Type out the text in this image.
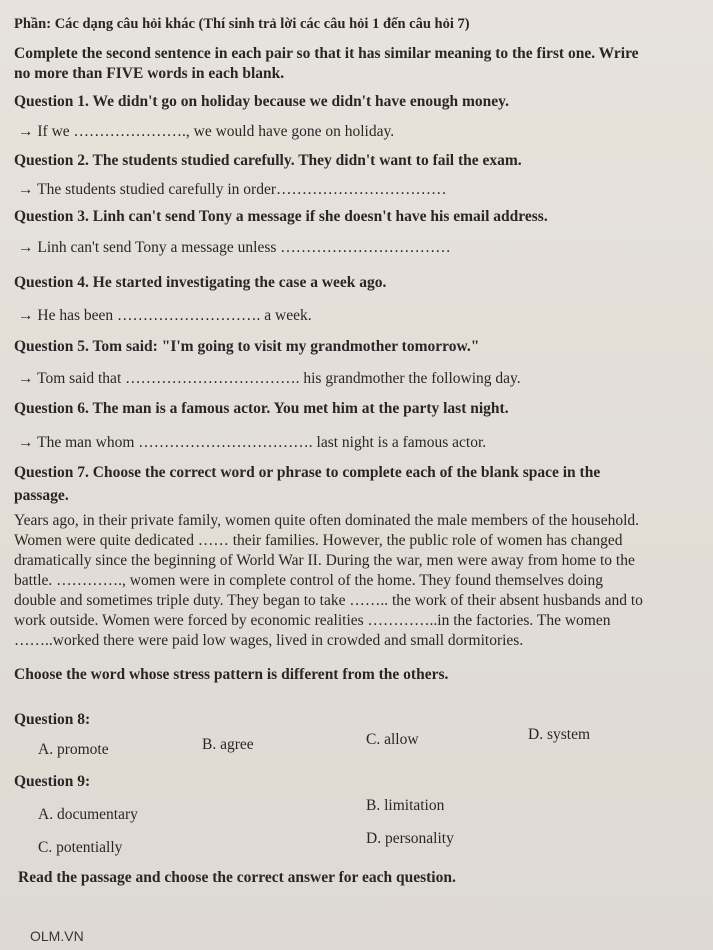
Phần: Các dạng câu hỏi khác (Thí sinh trả lời các câu hỏi 1 đến câu hỏi 7)
Complete the second sentence in each pair so that it has similar meaning to the first one. Wrire
no more than FIVE words in each blank.
Question 1. We didn't go on holiday because we didn't have enough money.
→ If we …………………., we would have gone on holiday.
Question 2. The students studied carefully. They didn't want to fail the exam.
→ The students studied carefully in order……………………………
Question 3. Linh can't send Tony a message if she doesn't have his email address.
→ Linh can't send Tony a message unless ……………………………
Question 4. He started investigating the case a week ago.
→ He has been ………………………. a week.
Question 5. Tom said: "I'm going to visit my grandmother tomorrow."
→ Tom said that ……………………………. his grandmother the following day.
Question 6. The man is a famous actor. You met him at the party last night.
→ The man whom ……………………………. last night is a famous actor.
Question 7. Choose the correct word or phrase to complete each of the blank space in the
passage.
Years ago, in their private family, women quite often dominated the male members of the household.
Women were quite dedicated …… their families. However, the public role of women has changed
dramatically since the beginning of World War II. During the war, men were away from home to the
battle. …………., women were in complete control of the home. They found themselves doing
double and sometimes triple duty. They began to take …….. the work of their absent husbands and to
work outside. Women were forced by economic realities …………..in the factories. The women
……..worked there were paid low wages, lived in crowded and small dormitories.
Choose the word whose stress pattern is different from the others.
Question 8:
A. promote	B. agree	C. allow	D. system
Question 9:
A. documentary
B. limitation
C. potentially
D. personality
Read the passage and choose the correct answer for each question.
OLM.VN
